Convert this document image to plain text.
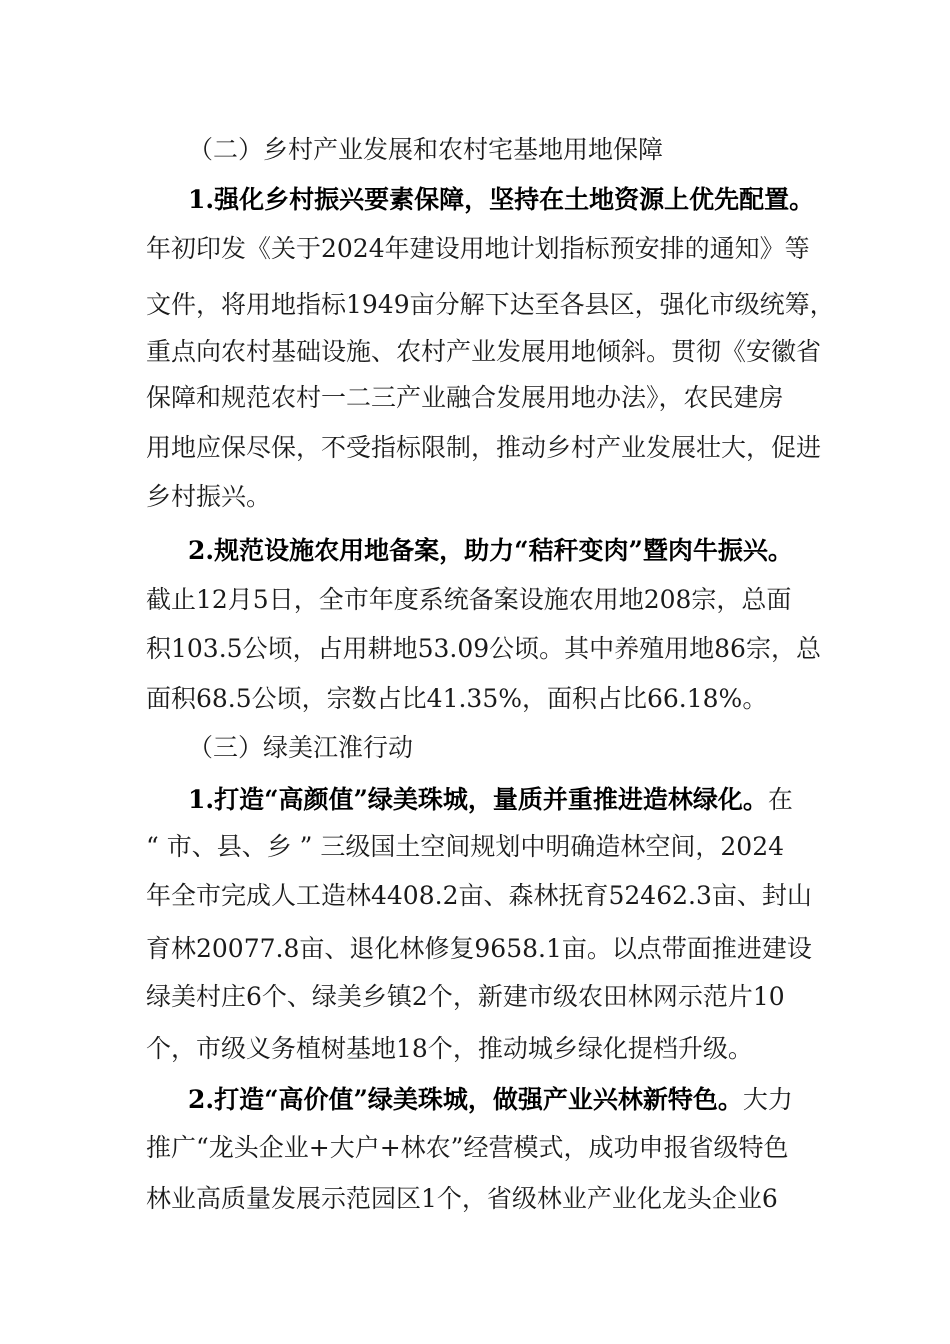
（二）乡村产业发展和农村宅基地用地保障
1.强化乡村振兴要素保障，坚持在土地资源上优先配置。
年初印发《关于2024年建设用地计划指标预安排的通知》等
文件，将用地指标1949亩分解下达至各县区，强化市级统筹，
重点向农村基础设施、农村产业发展用地倾斜。贯彻《安徽省
保障和规范农村一二三产业融合发展用地办法》，农民建房
用地应保尽保，不受指标限制，推动乡村产业发展壮大，促进
乡村振兴。
2.规范设施农用地备案，助力“秸秆变肉”暨肉牛振兴。
截止12月5日，全市年度系统备案设施农用地208宗，总面
积103.5公顷，占用耕地53.09公顷。其中养殖用地86宗，总
面积68.5公顷，宗数占比41.35%，面积占比66.18%。
（三）绿美江淮行动
1.打造“高颜值”绿美珠城，量质并重推进造林绿化。在
“ 市、县、乡 ” 三级国土空间规划中明确造林空间，2024
年全市完成人工造林4408.2亩、森林抚育52462.3亩、封山
育林20077.8亩、退化林修复9658.1亩。以点带面推进建设
绿美村庄6个、绿美乡镇2个，新建市级农田林网示范片10
个，市级义务植树基地18个，推动城乡绿化提档升级。
2.打造“高价值”绿美珠城，做强产业兴林新特色。大力
推广“龙头企业+大户+林农”经营模式，成功申报省级特色
林业高质量发展示范园区1个，省级林业产业化龙头企业6
